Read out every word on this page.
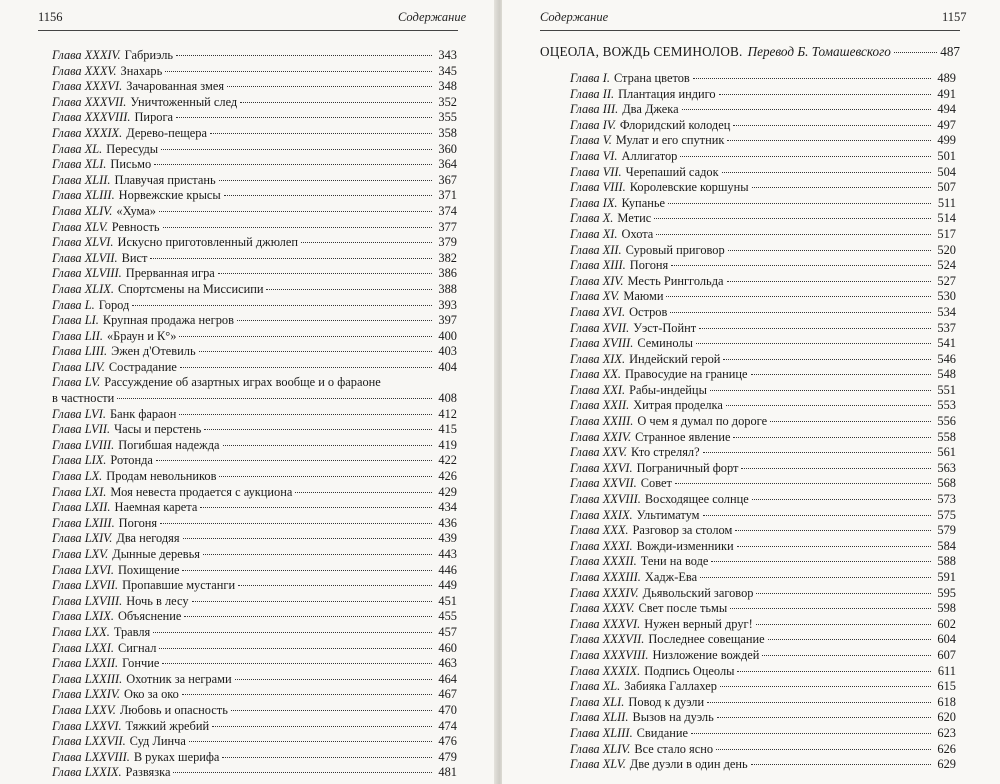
1156	Содержание
Глава XXXIV. Габриэль	343
Глава XXXV. Знахарь	345
Глава XXXVI. Зачарованная змея	348
Глава XXXVII. Уничтоженный след	352
Глава XXXVIII. Пирога	355
Глава XXXIX. Дерево-пещера	358
Глава XL. Пересуды	360
Глава XLI. Письмо	364
Глава XLII. Плавучая пристань	367
Глава XLIII. Норвежские крысы	371
Глава XLIV. «Хума»	374
Глава XLV. Ревность	377
Глава XLVI. Искусно приготовленный джюлеп	379
Глава XLVII. Вист	382
Глава XLVIII. Прерванная игра	386
Глава XLIX. Спортсмены на Миссисипи	388
Глава L. Город	393
Глава LI. Крупная продажа негров	397
Глава LII. «Браун и К°»	400
Глава LIII. Эжен д'Отевиль	403
Глава LIV. Сострадание	404
Глава LV. Рассуждение об азартных играх вообще и о фараоне
в частности	408
Глава LVI. Банк фараон	412
Глава LVII. Часы и перстень	415
Глава LVIII. Погибшая надежда	419
Глава LIX. Ротонда	422
Глава LX. Продам невольников	426
Глава LXI. Моя невеста продается с аукциона	429
Глава LXII. Наемная карета	434
Глава LXIII. Погоня	436
Глава LXIV. Два негодяя	439
Глава LXV. Дынные деревья	443
Глава LXVI. Похищение	446
Глава LXVII. Пропавшие мустанги	449
Глава LXVIII. Ночь в лесу	451
Глава LXIX. Объяснение	455
Глава LXX. Травля	457
Глава LXXI. Сигнал	460
Глава LXXII. Гончие	463
Глава LXXIII. Охотник за неграми	464
Глава LXXIV. Око за око	467
Глава LXXV. Любовь и опасность	470
Глава LXXVI. Тяжкий жребий	474
Глава LXXVII. Суд Линча	476
Глава LXXVIII. В руках шерифа	479
Глава LXXIX. Развязка	481
Содержание	1157
ОЦЕОЛА, ВОЖДЬ СЕМИНОЛОВ. Перевод Б. Томашевского	487
Глава I. Страна цветов	489
Глава II. Плантация индиго	491
Глава III. Два Джека	494
Глава IV. Флоридский колодец	497
Глава V. Мулат и его спутник	499
Глава VI. Аллигатор	501
Глава VII. Черепаший садок	504
Глава VIII. Королевские коршуны	507
Глава IX. Купанье	511
Глава X. Метис	514
Глава XI. Охота	517
Глава XII. Суровый приговор	520
Глава XIII. Погоня	524
Глава XIV. Месть Ринггольда	527
Глава XV. Маюми	530
Глава XVI. Остров	534
Глава XVII. Уэст-Пойнт	537
Глава XVIII. Семинолы	541
Глава XIX. Индейский герой	546
Глава XX. Правосудие на границе	548
Глава XXI. Рабы-индейцы	551
Глава XXII. Хитрая проделка	553
Глава XXIII. О чем я думал по дороге	556
Глава XXIV. Странное явление	558
Глава XXV. Кто стрелял?	561
Глава XXVI. Пограничный форт	563
Глава XXVII. Совет	568
Глава XXVIII. Восходящее солнце	573
Глава XXIX. Ультиматум	575
Глава XXX. Разговор за столом	579
Глава XXXI. Вожди-изменники	584
Глава XXXII. Тени на воде	588
Глава XXXIII. Хадж-Ева	591
Глава XXXIV. Дьявольский заговор	595
Глава XXXV. Свет после тьмы	598
Глава XXXVI. Нужен верный друг!	602
Глава XXXVII. Последнее совещание	604
Глава XXXVIII. Низложение вождей	607
Глава XXXIX. Подпись Оцеолы	611
Глава XL. Забияка Галлахер	615
Глава XLI. Повод к дуэли	618
Глава XLII. Вызов на дуэль	620
Глава XLIII. Свидание	623
Глава XLIV. Все стало ясно	626
Глава XLV. Две дуэли в один день	629
